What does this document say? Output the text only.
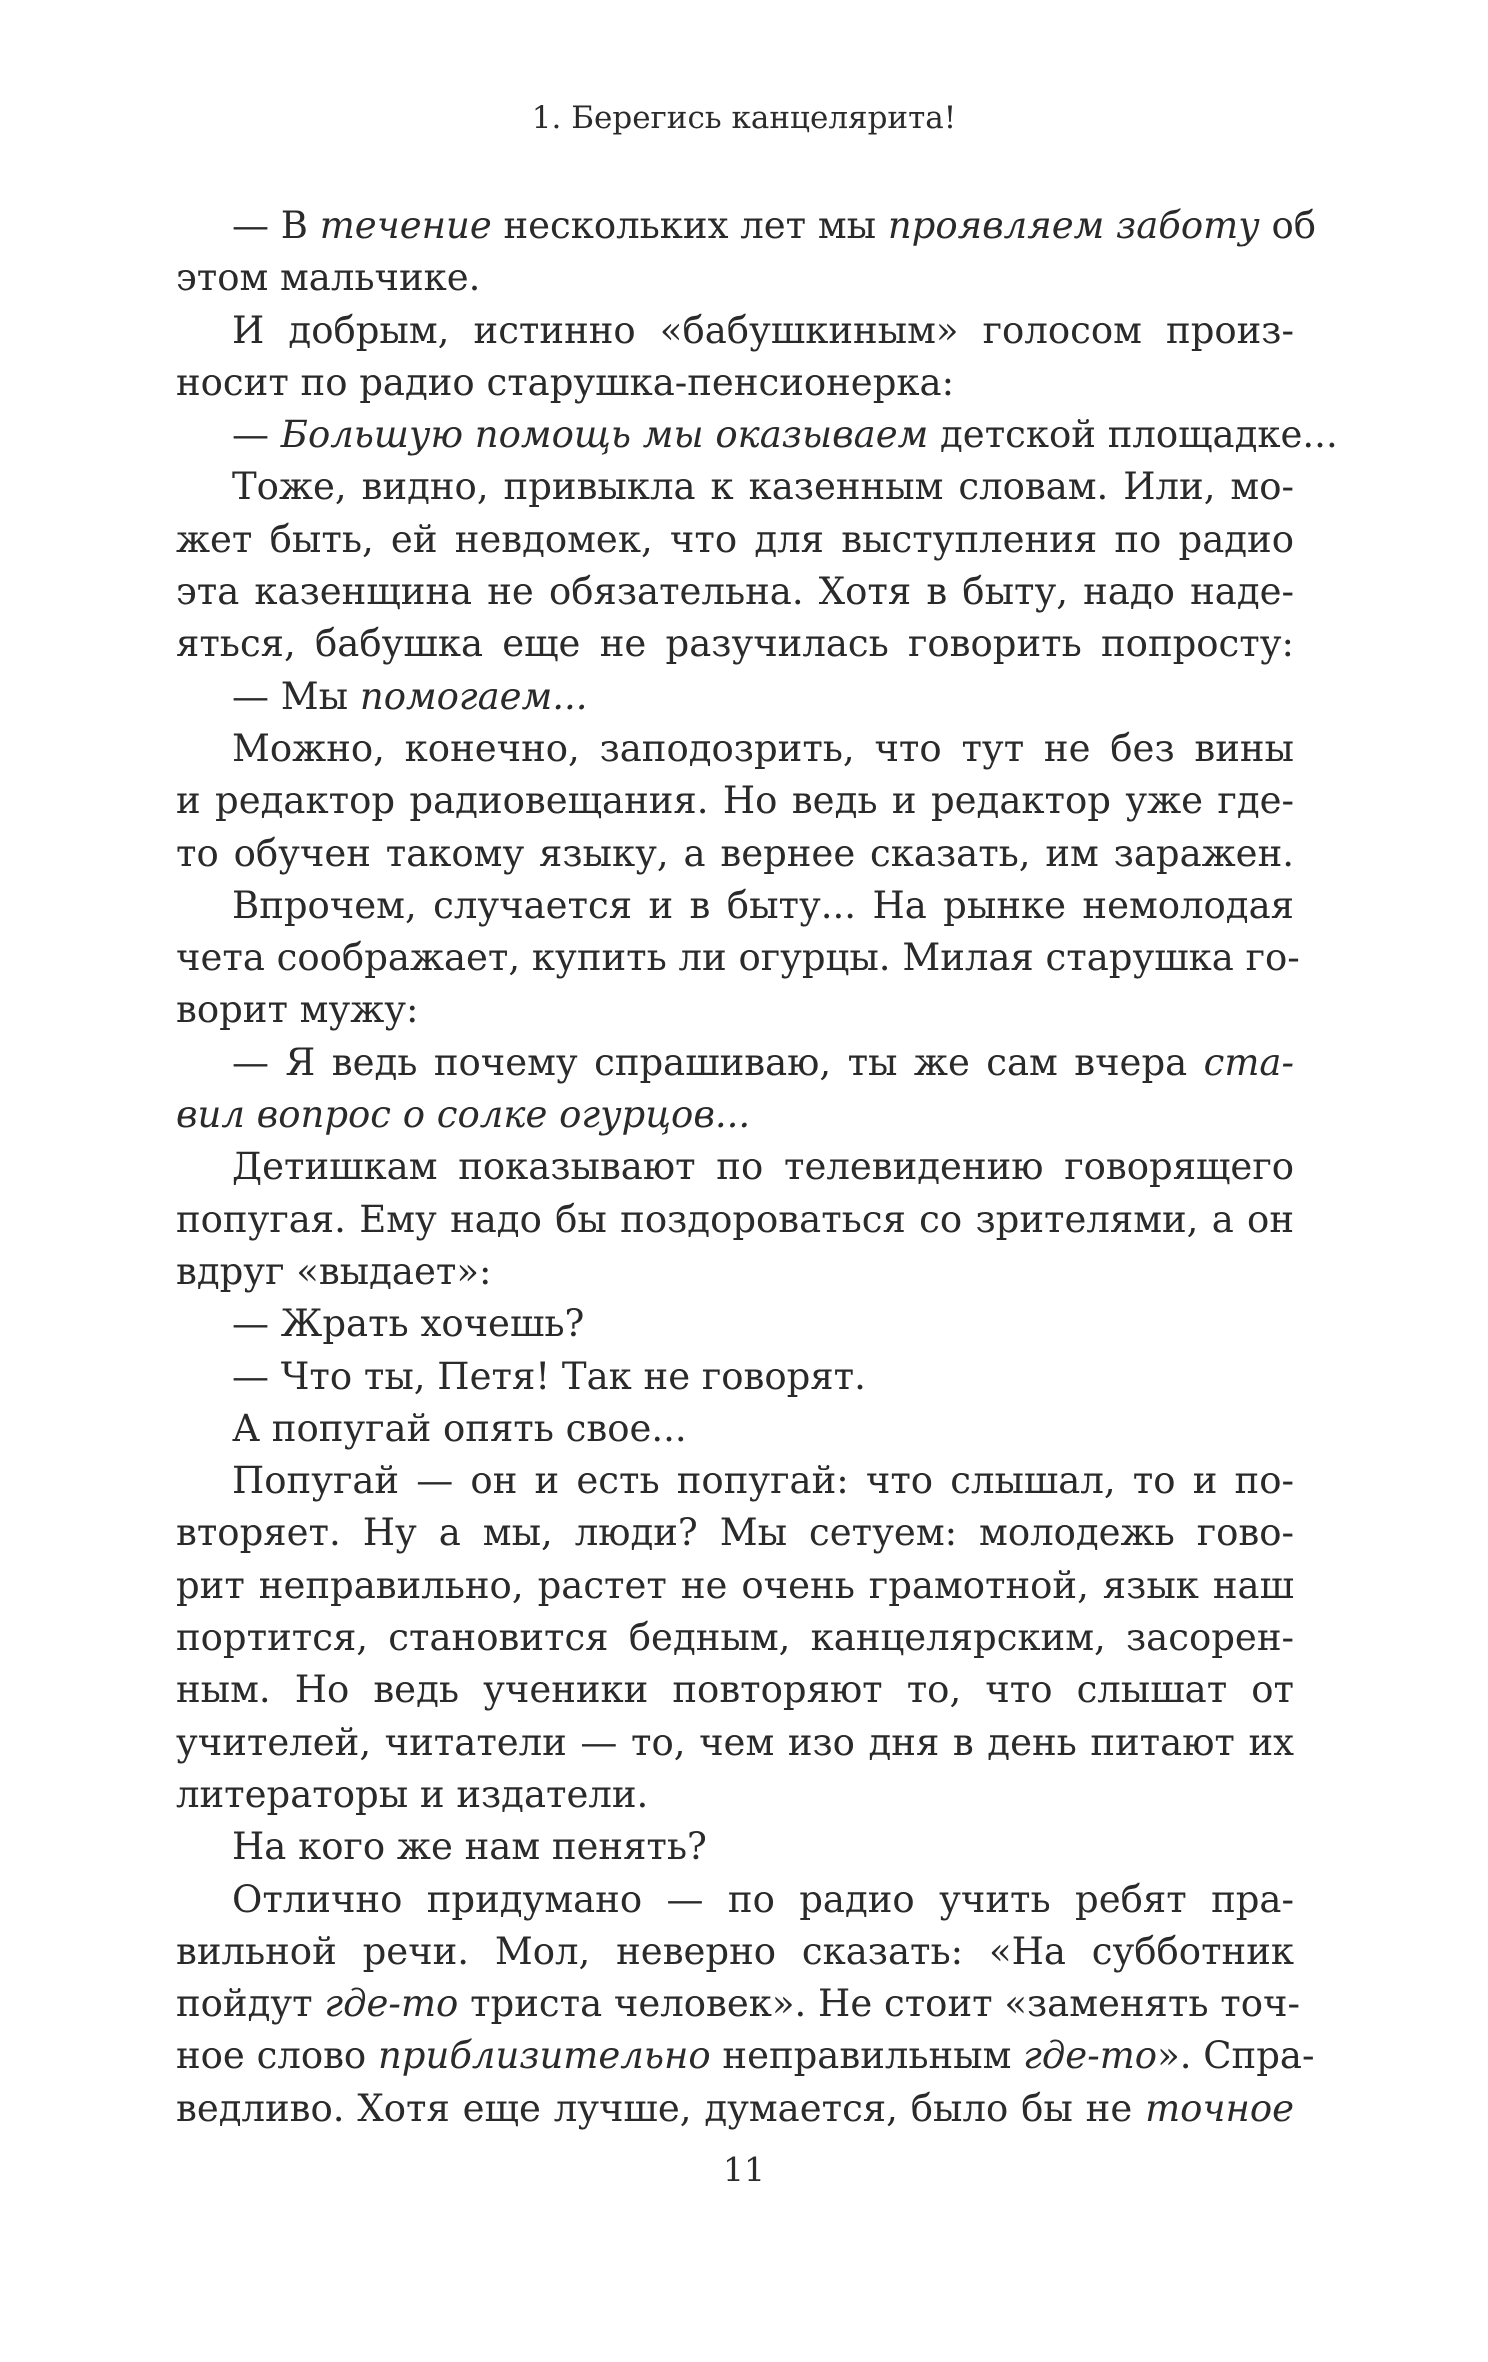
1. Берегись канцелярита!
— В течение нескольких лет мы проявляем заботу об
этом мальчике.
И добрым, истинно «бабушкиным» голосом произ-
носит по радио старушка-пенсионерка:
— Большую помощь мы оказываем детской площадке...
Тоже, видно, привыкла к казенным словам. Или, мо-
жет быть, ей невдомек, что для выступления по радио
эта казенщина не обязательна. Хотя в быту, надо наде-
яться, бабушка еще не разучилась говорить попросту:
— Мы помогаем...
Можно, конечно, заподозрить, что тут не без вины
и редактор радиовещания. Но ведь и редактор уже где-
то обучен такому языку, а вернее сказать, им заражен.
Впрочем, случается и в быту... На рынке немолодая
чета соображает, купить ли огурцы. Милая старушка го-
ворит мужу:
— Я ведь почему спрашиваю, ты же сам вчера ста-
вил вопрос о солке огурцов...
Детишкам показывают по телевидению говорящего
попугая. Ему надо бы поздороваться со зрителями, а он
вдруг «выдает»:
— Жрать хочешь?
— Что ты, Петя! Так не говорят.
А попугай опять свое...
Попугай — он и есть попугай: что слышал, то и по-
вторяет. Ну а мы, люди? Мы сетуем: молодежь гово-
рит неправильно, растет не очень грамотной, язык наш
портится, становится бедным, канцелярским, засорен-
ным. Но ведь ученики повторяют то, что слышат от
учителей, читатели — то, чем изо дня в день питают их
литераторы и издатели.
На кого же нам пенять?
Отлично придумано — по радио учить ребят пра-
вильной речи. Мол, неверно сказать: «На субботник
пойдут где-то триста человек». Не стоит «заменять точ-
ное слово приблизительно неправильным где-то». Спра-
ведливо. Хотя еще лучше, думается, было бы не точное
11
